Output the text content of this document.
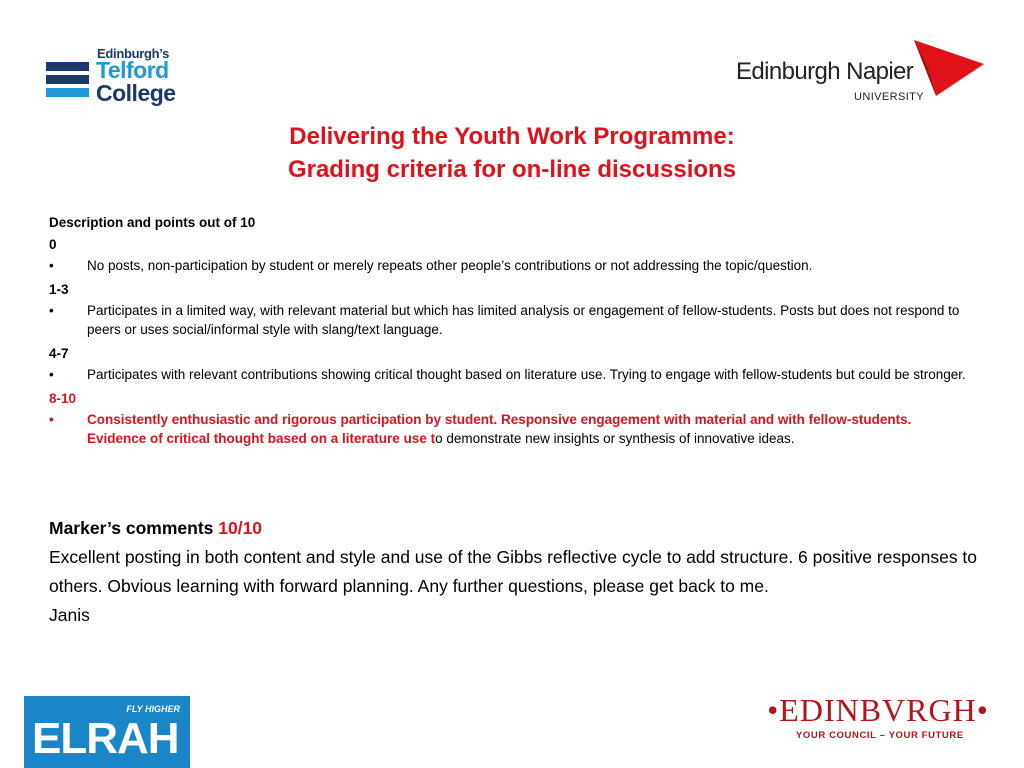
Edinburgh’s
Telford
College
Edinburgh Napier
UNIVERSITY
Delivering the Youth Work Programme:
Grading criteria for on-line discussions
Description and points out of 10
0
• No posts, non-participation by student or merely repeats other people’s contributions or not addressing the topic/question.
1-3
• Participates in a limited way, with relevant material but which has limited analysis or engagement of fellow-students. Posts but does not respond to peers or uses social/informal style with slang/text language.
4-7
• Participates with relevant contributions showing critical thought based on literature use. Trying to engage with fellow-students but could be stronger.
8-10
• Consistently enthusiastic and rigorous participation by student. Responsive engagement with material and with fellow-students. Evidence of critical thought based on a literature use to demonstrate new insights or synthesis of innovative ideas.
Marker’s comments 10/10
Excellent posting in both content and style and use of the Gibbs reflective cycle to add structure. 6 positive responses to others. Obvious learning with forward planning. Any further questions, please get back to me.
Janis
FLY HIGHER
ELRAH
•EDINBVRGH•
YOUR COUNCIL – YOUR FUTURE
